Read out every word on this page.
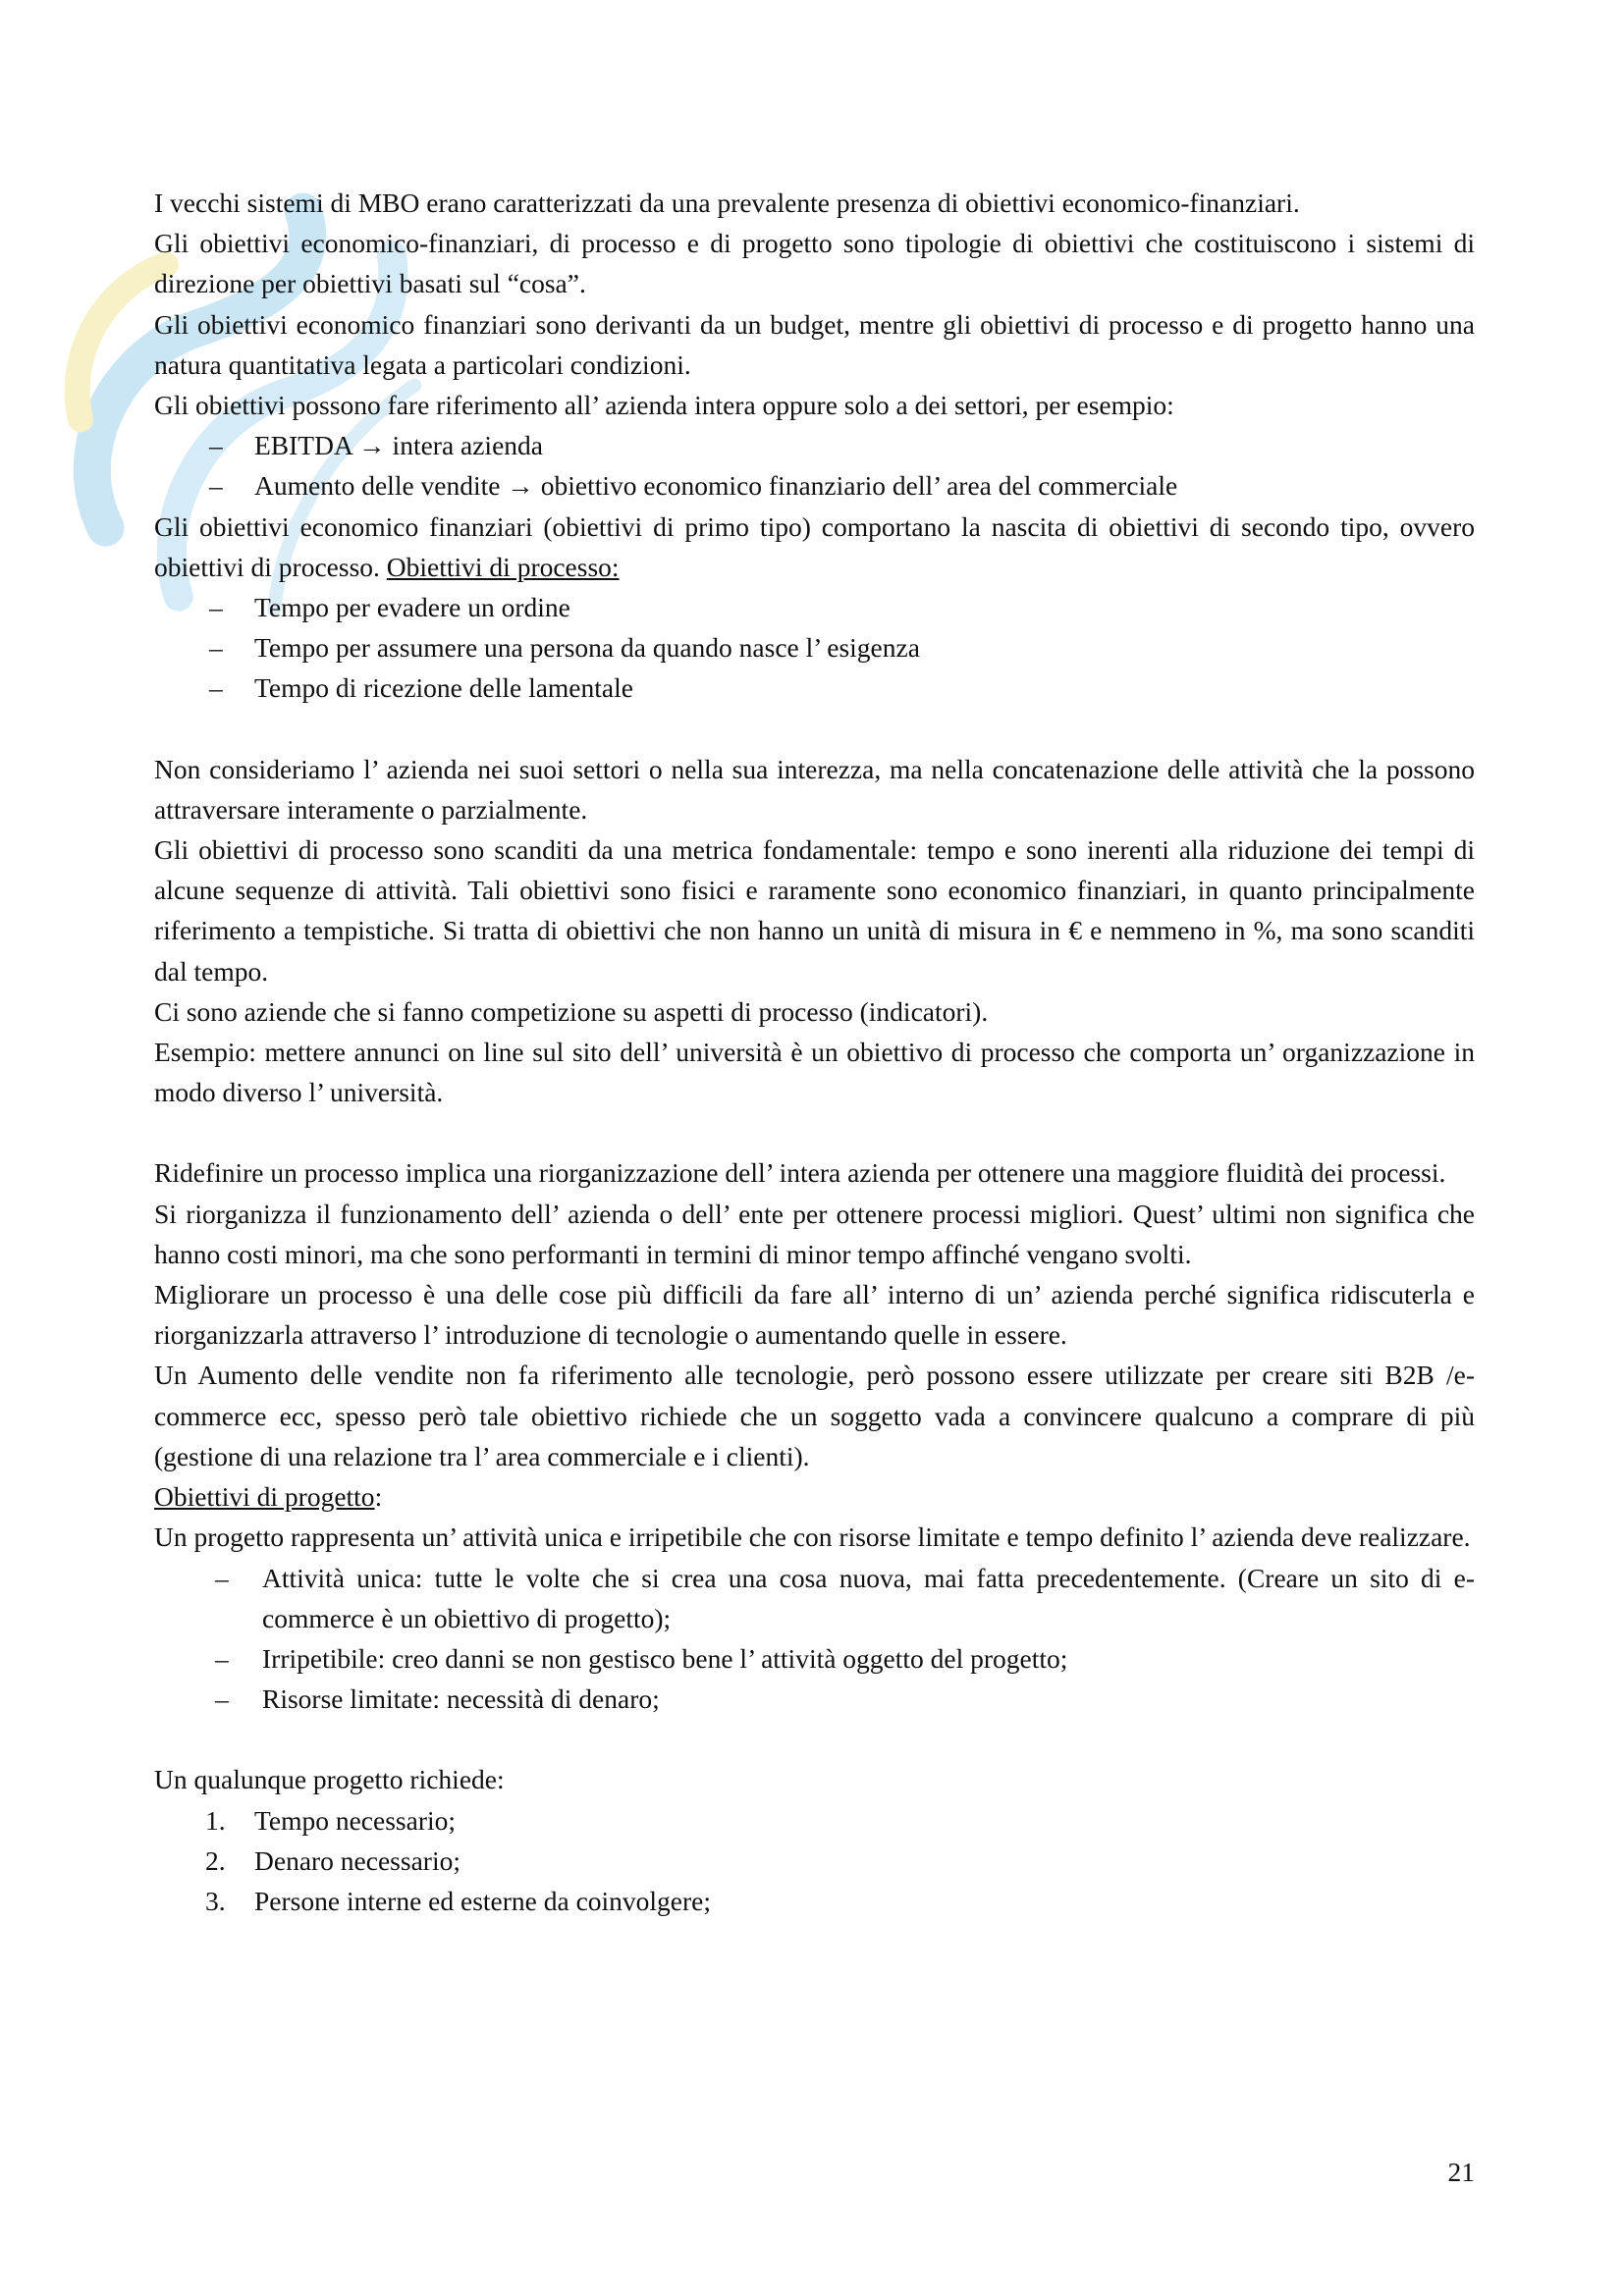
I vecchi sistemi di MBO erano caratterizzati da una prevalente presenza di obiettivi economico-finanziari.

Gli obiettivi economico-finanziari, di processo e di progetto sono tipologie di obiettivi che costituiscono i sistemi di direzione per obiettivi basati sul “cosa”.

Gli obiettivi economico finanziari sono derivanti da un budget, mentre gli obiettivi di processo e di progetto hanno una natura quantitativa legata a particolari condizioni.

Gli obiettivi possono fare riferimento all’ azienda intera oppure solo a dei settori, per esempio:

– EBITDA → intera azienda
– Aumento delle vendite → obiettivo economico finanziario dell’ area del commerciale

Gli obiettivi economico finanziari (obiettivi di primo tipo) comportano la nascita di obiettivi di secondo tipo, ovvero obiettivi di processo. Obiettivi di processo:

– Tempo per evadere un ordine
– Tempo per assumere una persona da quando nasce l’ esigenza
– Tempo di ricezione delle lamentale

Non consideriamo l’ azienda nei suoi settori o nella sua interezza, ma nella concatenazione delle attività che la possono attraversare interamente o parzialmente.

Gli obiettivi di processo sono scanditi da una metrica fondamentale: tempo e sono inerenti alla riduzione dei tempi di alcune sequenze di attività. Tali obiettivi sono fisici e raramente sono economico finanziari, in quanto principalmente riferimento a tempistiche. Si tratta di obiettivi che non hanno un unità di misura in € e nemmeno in %, ma sono scanditi dal tempo.

Ci sono aziende che si fanno competizione su aspetti di processo (indicatori).

Esempio: mettere annunci on line sul sito dell’ università è un obiettivo di processo che comporta un’ organizzazione in modo diverso l’ università.

Ridefinire un processo implica una riorganizzazione dell’ intera azienda per ottenere una maggiore fluidità dei processi.

Si riorganizza il funzionamento dell’ azienda o dell’ ente per ottenere processi migliori. Quest’ ultimi non significa che hanno costi minori, ma che sono performanti in termini di minor tempo affinché vengano svolti.

Migliorare un processo è una delle cose più difficili da fare all’ interno di un’ azienda perché significa ridiscuterla e riorganizzarla attraverso l’ introduzione di tecnologie o aumentando quelle in essere.

Un Aumento delle vendite non fa riferimento alle tecnologie, però possono essere utilizzate per creare siti B2B /e-commerce ecc, spesso però tale obiettivo richiede che un soggetto vada a convincere qualcuno a comprare di più (gestione di una relazione tra l’ area commerciale e i clienti).

Obiettivi di progetto:

Un progetto rappresenta un’ attività unica e irripetibile che con risorse limitate e tempo definito l’ azienda deve realizzare.

– Attività unica: tutte le volte che si crea una cosa nuova, mai fatta precedentemente. (Creare un sito di e-commerce è un obiettivo di progetto);
– Irripetibile: creo danni se non gestisco bene l’ attività oggetto del progetto;
– Risorse limitate: necessità di denaro;

Un qualunque progetto richiede:

1. Tempo necessario;
2. Denaro necessario;
3. Persone interne ed esterne da coinvolgere;
21
